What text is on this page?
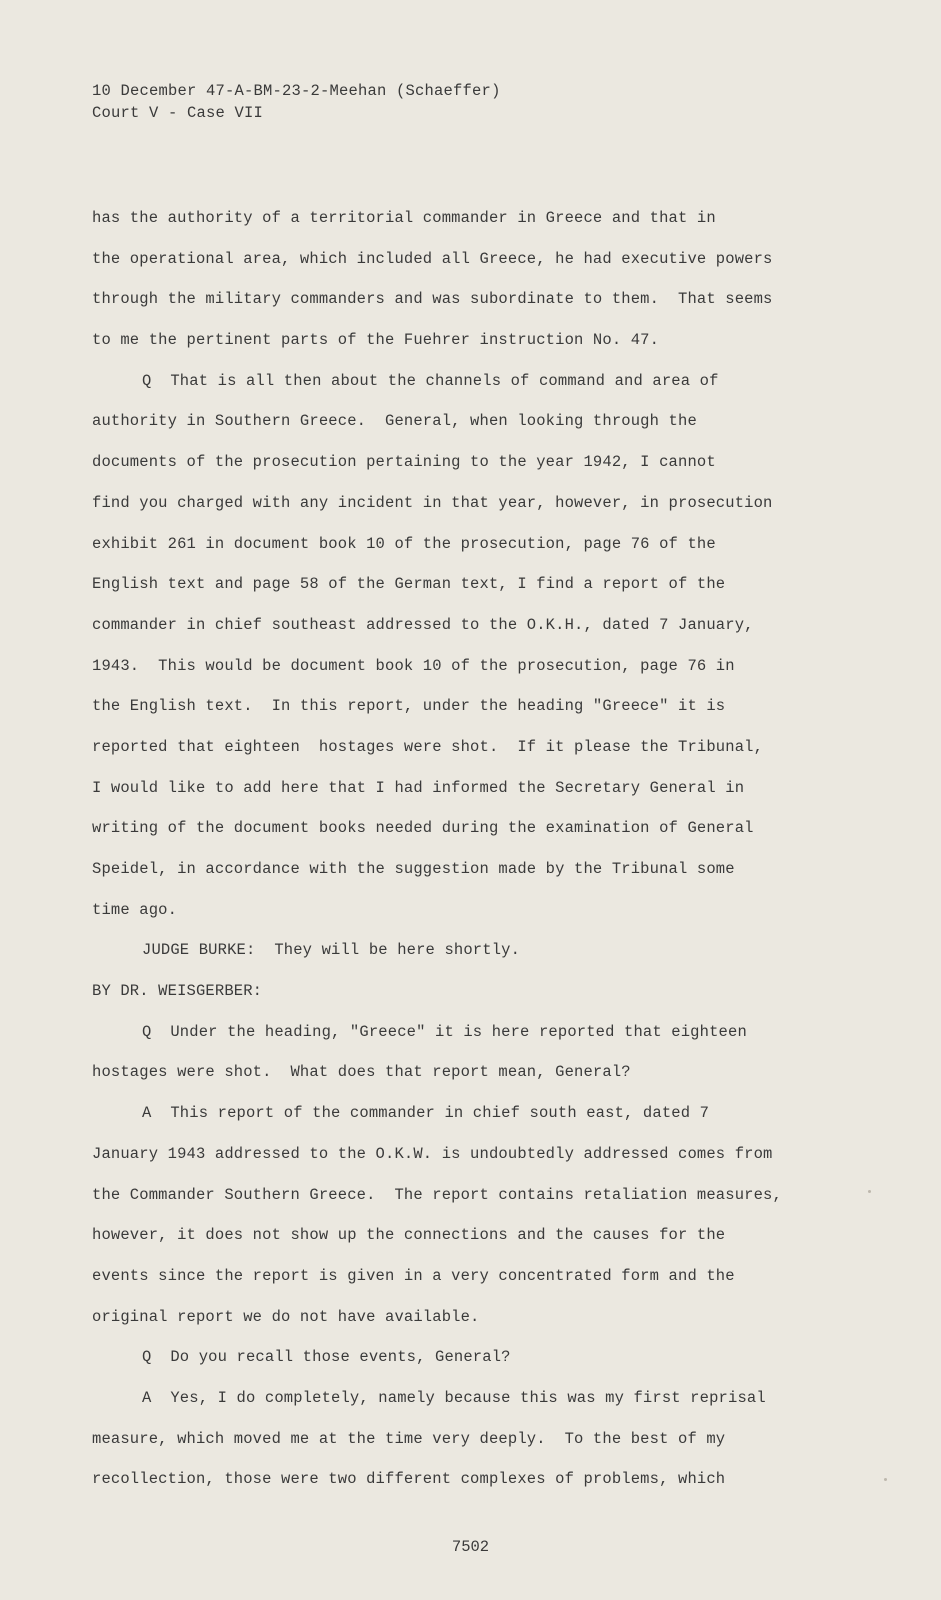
10 December 47-A-BM-23-2-Meehan (Schaeffer)
Court V - Case VII
has the authority of a territorial commander in Greece and that in
the operational area, which included all Greece, he had executive powers
through the military commanders and was subordinate to them.  That seems
to me the pertinent parts of the Fuehrer instruction No. 47.
Q  That is all then about the channels of command and area of
authority in Southern Greece.  General, when looking through the
documents of the prosecution pertaining to the year 1942, I cannot
find you charged with any incident in that year, however, in prosecution
exhibit 261 in document book 10 of the prosecution, page 76 of the
English text and page 58 of the German text, I find a report of the
commander in chief southeast addressed to the O.K.H., dated 7 January,
1943.  This would be document book 10 of the prosecution, page 76 in
the English text.  In this report, under the heading "Greece" it is
reported that eighteen  hostages were shot.  If it please the Tribunal,
I would like to add here that I had informed the Secretary General in
writing of the document books needed during the examination of General
Speidel, in accordance with the suggestion made by the Tribunal some
time ago.
JUDGE BURKE:  They will be here shortly.
BY DR. WEISGERBER:
Q  Under the heading, "Greece" it is here reported that eighteen
hostages were shot.  What does that report mean, General?
A  This report of the commander in chief south east, dated 7
January 1943 addressed to the O.K.W. is undoubtedly addressed comes from
the Commander Southern Greece.  The report contains retaliation measures,
however, it does not show up the connections and the causes for the
events since the report is given in a very concentrated form and the
original report we do not have available.
Q  Do you recall those events, General?
A  Yes, I do completely, namely because this was my first reprisal
measure, which moved me at the time very deeply.  To the best of my
recollection, those were two different complexes of problems, which
7502
